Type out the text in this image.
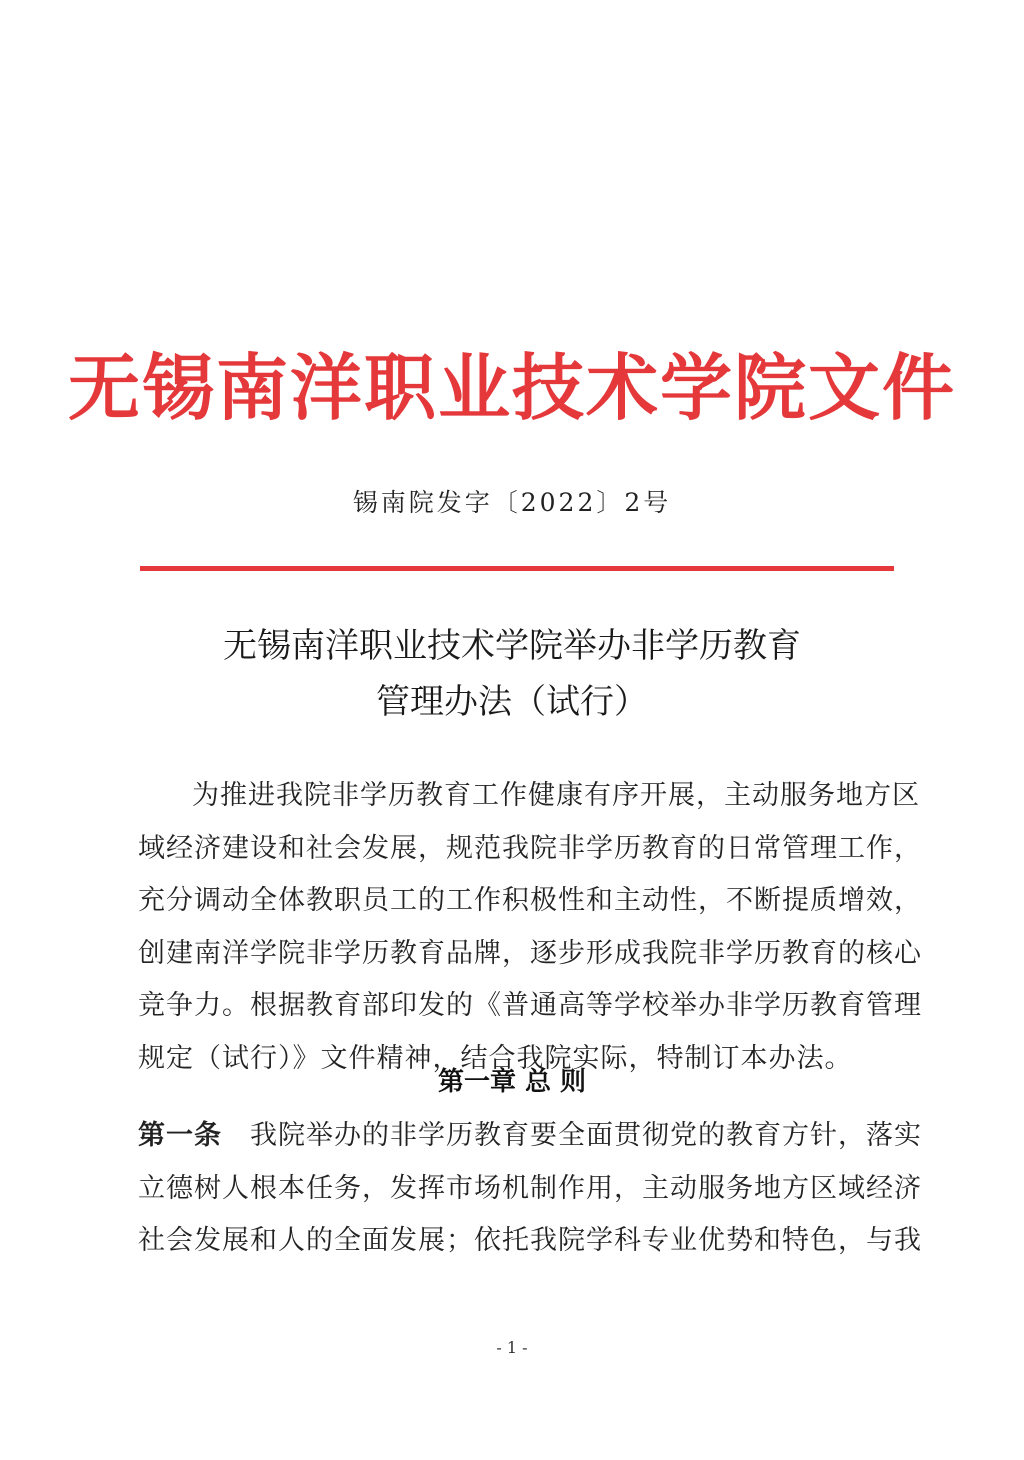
无锡南洋职业技术学院文件
锡南院发字〔2022〕2号
无锡南洋职业技术学院举办非学历教育
管理办法（试行）
为推进我院非学历教育工作健康有序开展，主动服务地方区
域经济建设和社会发展，规范我院非学历教育的日常管理工作，
充分调动全体教职员工的工作积极性和主动性，不断提质增效，
创建南洋学院非学历教育品牌，逐步形成我院非学历教育的核心
竞争力。根据教育部印发的《普通高等学校举办非学历教育管理
规定（试行）》文件精神，结合我院实际，特制订本办法。
第一章 总 则
第一条 我院举办的非学历教育要全面贯彻党的教育方针，落实
立德树人根本任务，发挥市场机制作用，主动服务地方区域经济
社会发展和人的全面发展；依托我院学科专业优势和特色，与我
- 1 -
